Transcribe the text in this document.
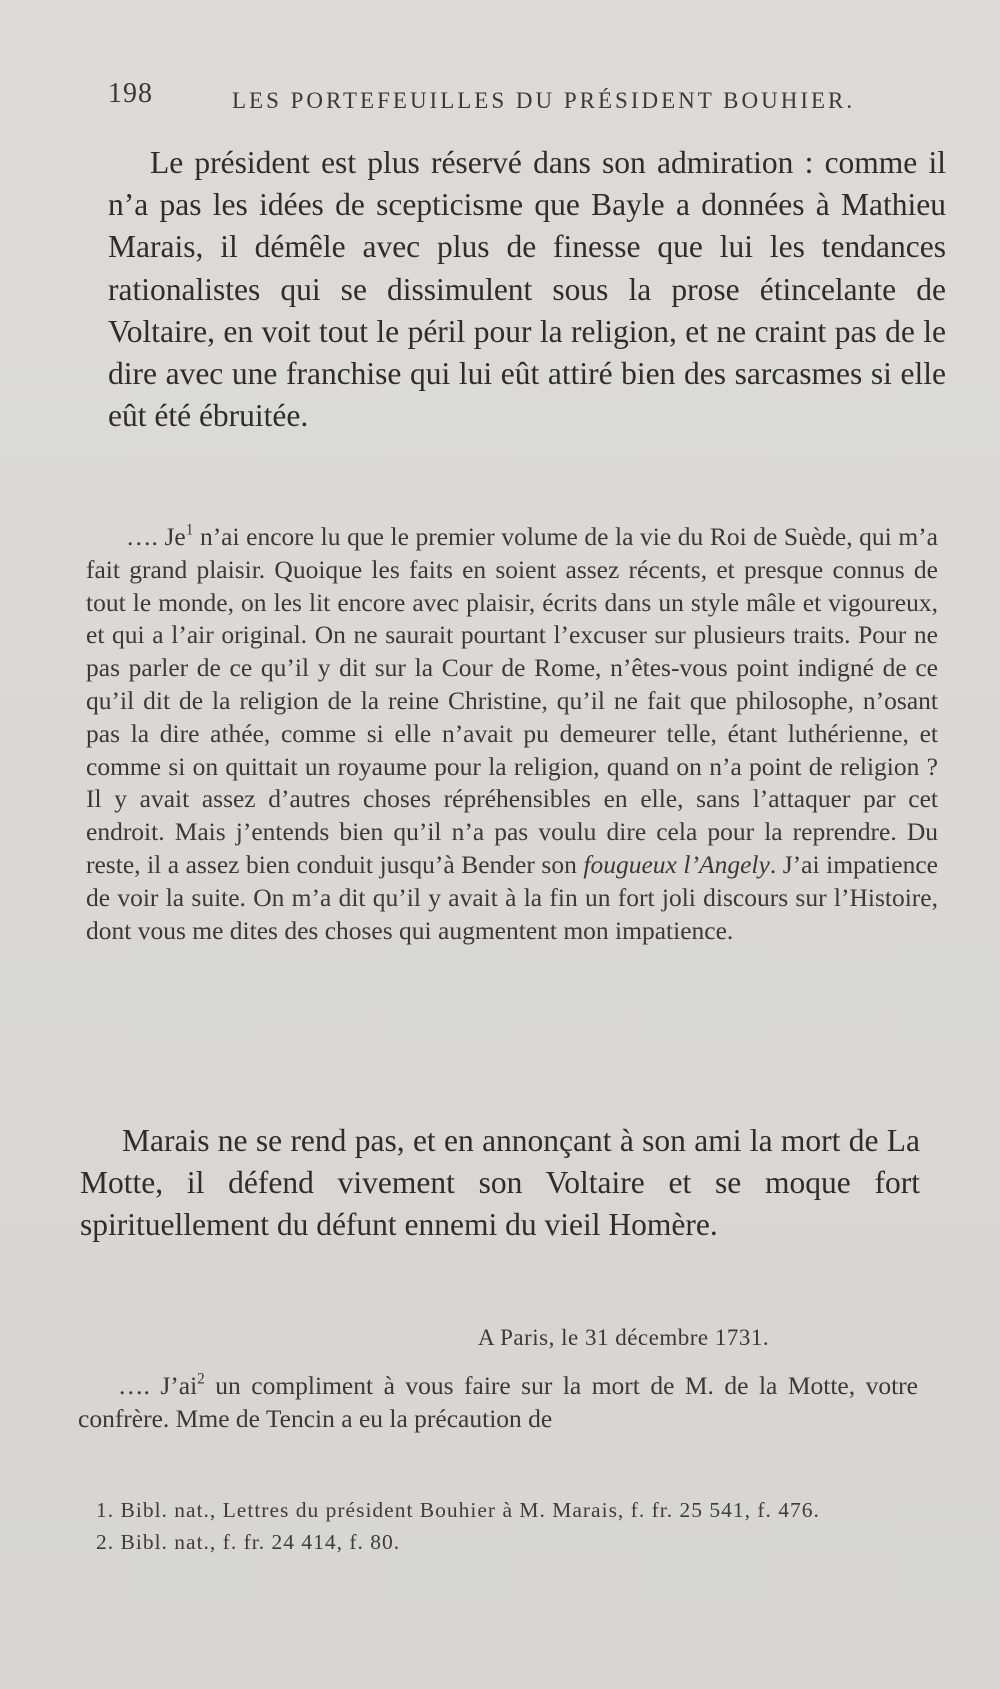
198	LES PORTEFEUILLES DU PRÉSIDENT BOUHIER.

Le président est plus réservé dans son admiration : comme il n’a pas les idées de scepticisme que Bayle a données à Mathieu Marais, il démêle avec plus de finesse que lui les tendances rationalistes qui se dissimulent sous la prose étincelante de Voltaire, en voit tout le péril pour la religion, et ne craint pas de le dire avec une franchise qui lui eût attiré bien des sarcasmes si elle eût été ébruitée.

…. Je$^1$ n’ai encore lu que le premier volume de la vie du Roi de Suède, qui m’a fait grand plaisir. Quoique les faits en soient assez récents, et presque connus de tout le monde, on les lit encore avec plaisir, écrits dans un style mâle et vigoureux, et qui a l’air original. On ne saurait pourtant l’excuser sur plusieurs traits. Pour ne pas parler de ce qu’il y dit sur la Cour de Rome, n’êtes-vous point indigné de ce qu’il dit de la religion de la reine Christine, qu’il ne fait que philosophe, n’osant pas la dire athée, comme si elle n’avait pu demeurer telle, étant luthérienne, et comme si on quittait un royaume pour la religion, quand on n’a point de religion ? Il y avait assez d’autres choses répréhensibles en elle, sans l’attaquer par cet endroit. Mais j’entends bien qu’il n’a pas voulu dire cela pour la reprendre. Du reste, il a assez bien conduit jusqu’à Bender son fougueux l’Angely. J’ai impatience de voir la suite. On m’a dit qu’il y avait à la fin un fort joli discours sur l’Histoire, dont vous me dites des choses qui augmentent mon impatience.

Marais ne se rend pas, et en annonçant à son ami la mort de La Motte, il défend vivement son Voltaire et se moque fort spirituellement du défunt ennemi du vieil Homère.

A Paris, le 31 décembre 1731.

…. $J’ai^2$ un compliment à vous faire sur la mort de M. de la Motte, votre confrère. Mme de Tencin a eu la précaution de

1. Bibl. nat., Lettres du président Bouhier à M. Marais, f. fr. 25 541, f. 476.

2. Bibl. nat., f. fr. 24 414, f. 80.
